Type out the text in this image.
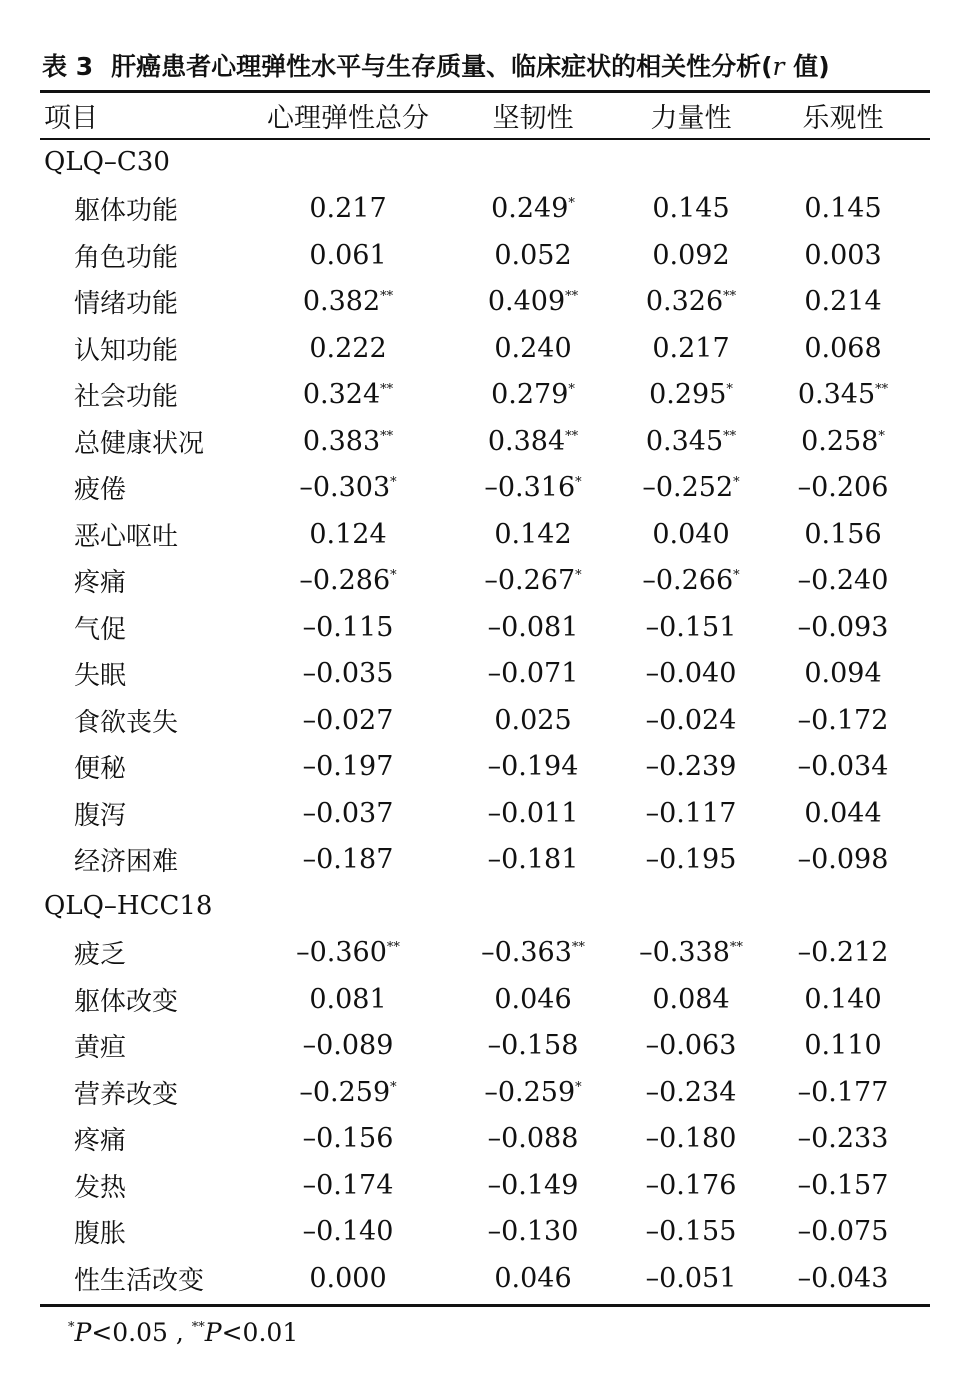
表 3 肝癌患者心理弹性水平与生存质量、临床症状的相关性分析(r 值)
项目	心理弹性总分	坚韧性	力量性	乐观性
QLQ–C30				
躯体功能	0.217	0.249*	0.145	0.145
角色功能	0.061	0.052	0.092	0.003
情绪功能	0.382**	0.409**	0.326**	0.214
认知功能	0.222	0.240	0.217	0.068
社会功能	0.324**	0.279*	0.295*	0.345**
总健康状况	0.383**	0.384**	0.345**	0.258*
疲倦	–0.303*	–0.316*	–0.252*	–0.206
恶心呕吐	0.124	0.142	0.040	0.156
疼痛	–0.286*	–0.267*	–0.266*	–0.240
气促	–0.115	–0.081	–0.151	–0.093
失眠	–0.035	–0.071	–0.040	0.094
食欲丧失	–0.027	0.025	–0.024	–0.172
便秘	–0.197	–0.194	–0.239	–0.034
腹泻	–0.037	–0.011	–0.117	0.044
经济困难	–0.187	–0.181	–0.195	–0.098
QLQ–HCC18				
疲乏	–0.360**	–0.363**	–0.338**	–0.212
躯体改变	0.081	0.046	0.084	0.140
黄疸	–0.089	–0.158	–0.063	0.110
营养改变	–0.259*	–0.259*	–0.234	–0.177
疼痛	–0.156	–0.088	–0.180	–0.233
发热	–0.174	–0.149	–0.176	–0.157
腹胀	–0.140	–0.130	–0.155	–0.075
性生活改变	0.000	0.046	–0.051	–0.043
*P<0.05 , **P<0.01
